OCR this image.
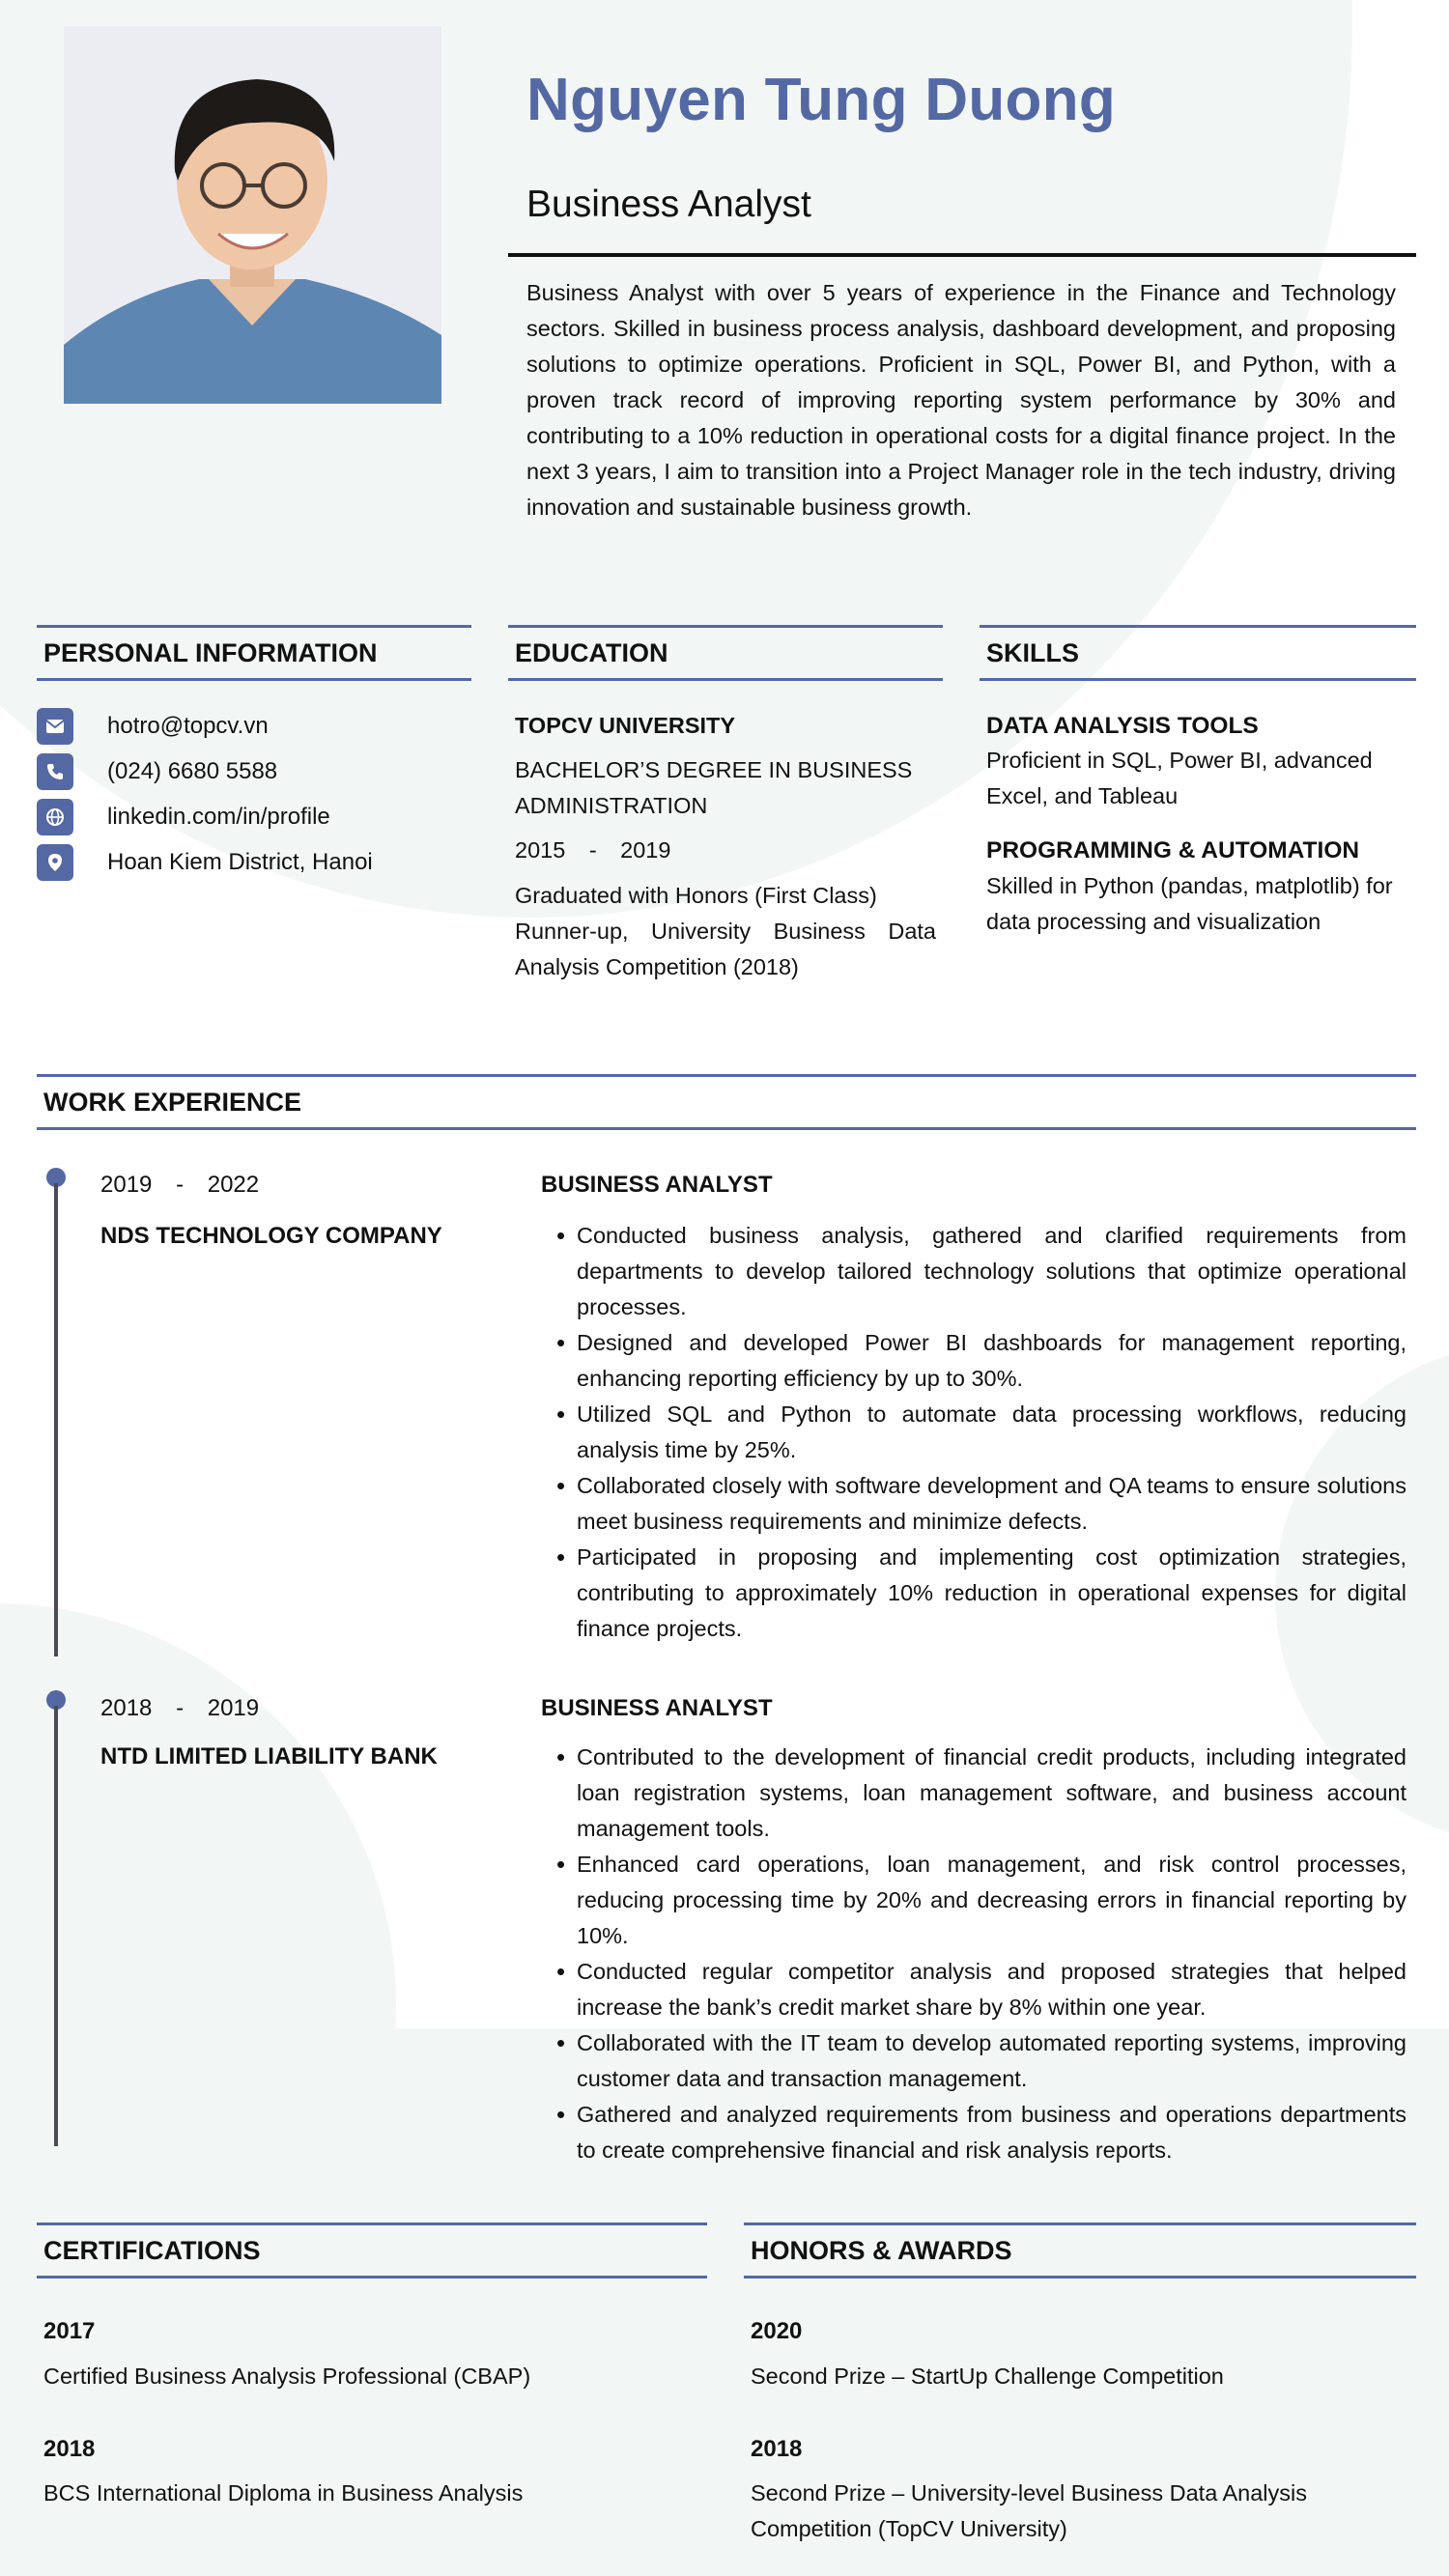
Nguyen Tung Duong
Business Analyst
Business Analyst with over 5 years of experience in the Finance and Technology sectors. Skilled in business process analysis, dashboard development, and proposing solutions to optimize operations. Proficient in SQL, Power BI, and Python, with a proven track record of improving reporting system performance by 30% and contributing to a 10% reduction in operational costs for a digital finance project. In the next 3 years, I aim to transition into a Project Manager role in the tech industry, driving innovation and sustainable business growth.
PERSONAL INFORMATION
hotro@topcv.vn
(024) 6680 5588
linkedin.com/in/profile
Hoan Kiem District, Hanoi
EDUCATION
TOPCV UNIVERSITY
BACHELOR’S DEGREE IN BUSINESS ADMINISTRATION
2015 - 2019
Graduated with Honors (First Class)
Runner-up, University Business Data Analysis Competition (2018)
SKILLS
DATA ANALYSIS TOOLS
Proficient in SQL, Power BI, advanced Excel, and Tableau
PROGRAMMING & AUTOMATION
Skilled in Python (pandas, matplotlib) for data processing and visualization
WORK EXPERIENCE
2019 - 2022
NDS TECHNOLOGY COMPANY
BUSINESS ANALYST
• Conducted business analysis, gathered and clarified requirements from departments to develop tailored technology solutions that optimize operational processes.
• Designed and developed Power BI dashboards for management reporting, enhancing reporting efficiency by up to 30%.
• Utilized SQL and Python to automate data processing workflows, reducing analysis time by 25%.
• Collaborated closely with software development and QA teams to ensure solutions meet business requirements and minimize defects.
• Participated in proposing and implementing cost optimization strategies, contributing to approximately 10% reduction in operational expenses for digital finance projects.
2018 - 2019
NTD LIMITED LIABILITY BANK
BUSINESS ANALYST
• Contributed to the development of financial credit products, including integrated loan registration systems, loan management software, and business account management tools.
• Enhanced card operations, loan management, and risk control processes, reducing processing time by 20% and decreasing errors in financial reporting by 10%.
• Conducted regular competitor analysis and proposed strategies that helped increase the bank’s credit market share by 8% within one year.
• Collaborated with the IT team to develop automated reporting systems, improving customer data and transaction management.
• Gathered and analyzed requirements from business and operations departments to create comprehensive financial and risk analysis reports.
CERTIFICATIONS
2017
Certified Business Analysis Professional (CBAP)
2018
BCS International Diploma in Business Analysis
HONORS & AWARDS
2020
Second Prize – StartUp Challenge Competition
2018
Second Prize – University-level Business Data Analysis Competition (TopCV University)
